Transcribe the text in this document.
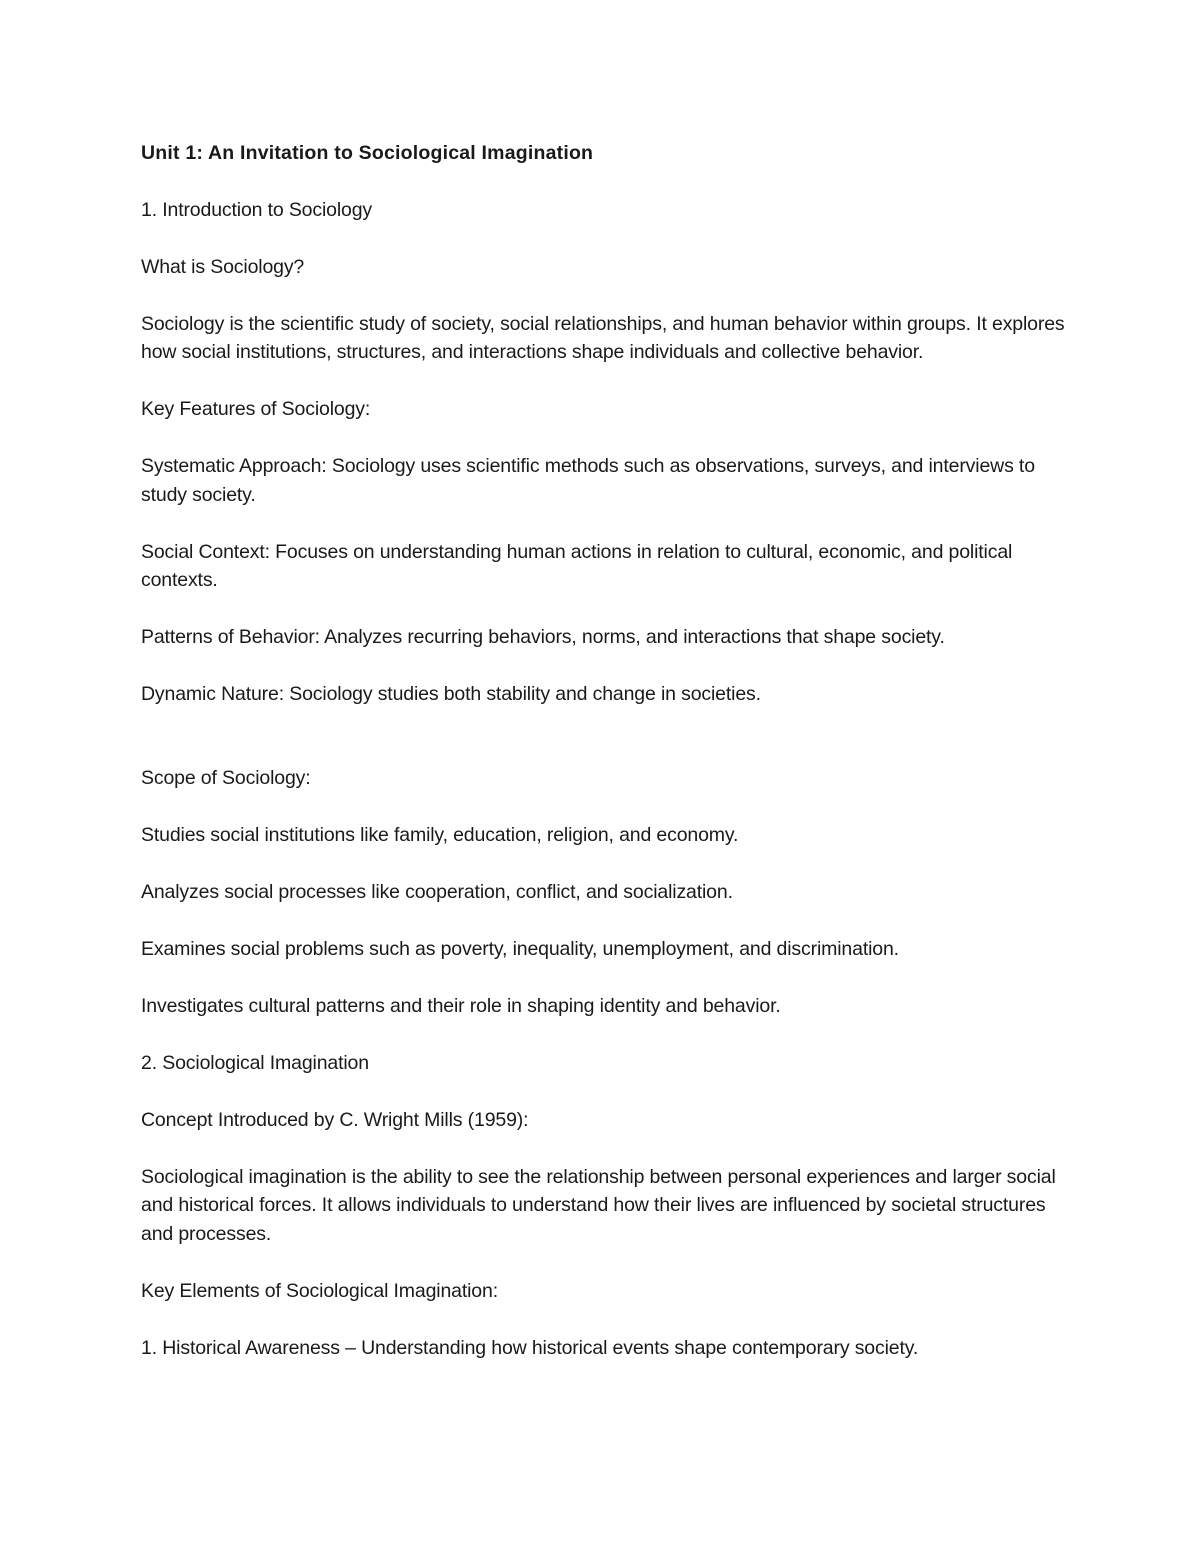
Unit 1: An Invitation to Sociological Imagination

1. Introduction to Sociology

What is Sociology?

Sociology is the scientific study of society, social relationships, and human behavior within groups. It explores how social institutions, structures, and interactions shape individuals and collective behavior.

Key Features of Sociology:

Systematic Approach: Sociology uses scientific methods such as observations, surveys, and interviews to study society.

Social Context: Focuses on understanding human actions in relation to cultural, economic, and political contexts.

Patterns of Behavior: Analyzes recurring behaviors, norms, and interactions that shape society.

Dynamic Nature: Sociology studies both stability and change in societies.

Scope of Sociology:

Studies social institutions like family, education, religion, and economy.

Analyzes social processes like cooperation, conflict, and socialization.

Examines social problems such as poverty, inequality, unemployment, and discrimination.

Investigates cultural patterns and their role in shaping identity and behavior.

2. Sociological Imagination

Concept Introduced by C. Wright Mills (1959):

Sociological imagination is the ability to see the relationship between personal experiences and larger social and historical forces. It allows individuals to understand how their lives are influenced by societal structures and processes.

Key Elements of Sociological Imagination:

1. Historical Awareness – Understanding how historical events shape contemporary society.
